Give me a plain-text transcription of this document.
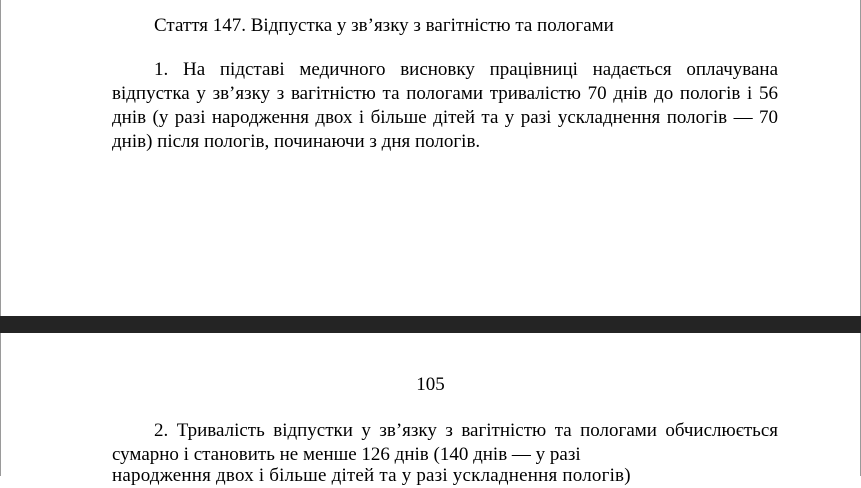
Стаття 147. Відпустка у зв’язку з вагітністю та пологами
1. На підставі медичного висновку працівниці надається оплачувана відпустка у зв’язку з вагітністю та пологами тривалістю 70 днів до пологів і 56 днів (у разі народження двох і більше дітей та у разі ускладнення пологів — 70 днів) після пологів, починаючи з дня пологів.
105
2. Тривалість відпустки у зв’язку з вагітністю та пологами обчислюється сумарно і становить не менше 126 днів (140 днів — у разі
народження двох і більше дітей та у разі ускладнення пологів)
